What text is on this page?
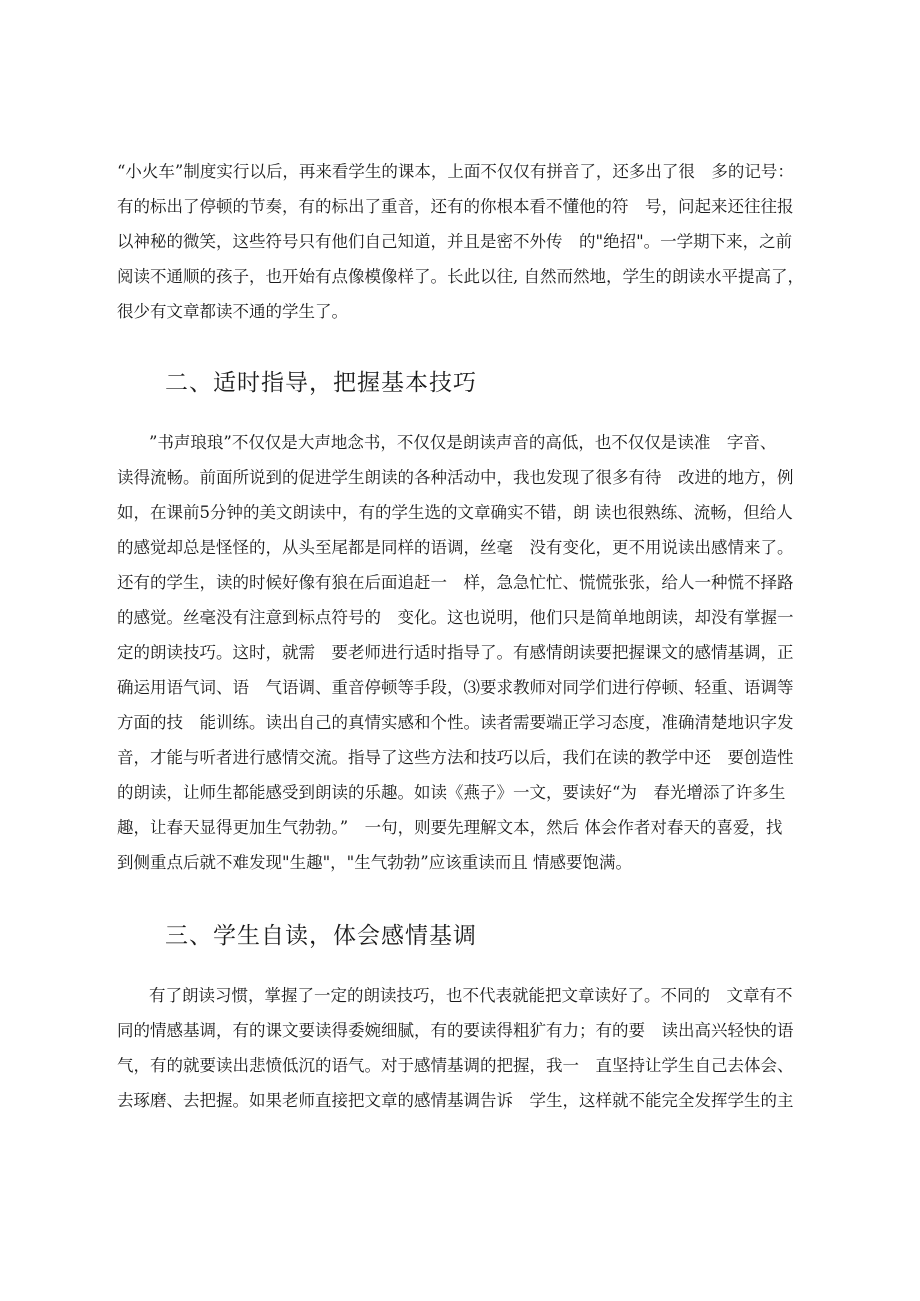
“小火车”制度实行以后，再来看学生的课本，上面不仅仅有拼音了，还多出了很　多的记号：
有的标出了停顿的节奏，有的标出了重音，还有的你根本看不懂他的符　号，问起来还往往报
以神秘的微笑，这些符号只有他们自己知道，并且是密不外传　的"绝招"。一学期下来，之前
阅读不通顺的孩子，也开始有点像模像样了。长此以往, 自然而然地，学生的朗读水平提高了，
很少有文章都读不通的学生了。
二、适时指导，把握基本技巧
”书声琅琅”不仅仅是大声地念书，不仅仅是朗读声音的高低，也不仅仅是读准　字音、
读得流畅。前面所说到的促进学生朗读的各种活动中，我也发现了很多有待　改进的地方，例
如，在课前5分钟的美文朗读中，有的学生选的文章确实不错，朗 读也很熟练、流畅，但给人
的感觉却总是怪怪的，从头至尾都是同样的语调，丝毫　没有变化，更不用说读出感情来了。
还有的学生，读的时候好像有狼在后面追赶一　样，急急忙忙、慌慌张张，给人一种慌不择路
的感觉。丝毫没有注意到标点符号的　变化。这也说明，他们只是简单地朗读，却没有掌握一
定的朗读技巧。这时，就需　要老师进行适时指导了。有感情朗读要把握课文的感情基调，正
确运用语气词、语　气语调、重音停顿等手段，⑶要求教师对同学们进行停顿、轻重、语调等
方面的技　能训练。读出自己的真情实感和个性。读者需要端正学习态度，准确清楚地识字发
音，才能与听者进行感情交流。指导了这些方法和技巧以后，我们在读的教学中还　要创造性
的朗读，让师生都能感受到朗读的乐趣。如读《燕子》一文，要读好“为　春光增添了许多生
趣，让春天显得更加生气勃勃。”　一句，则要先理解文本，然后 体会作者对春天的喜爱，找
到侧重点后就不难发现"生趣"，"生气勃勃”应该重读而且 情感要饱满。
三、学生自读，体会感情基调
有了朗读习惯，掌握了一定的朗读技巧，也不代表就能把文章读好了。不同的　文章有不
同的情感基调，有的课文要读得委婉细腻，有的要读得粗犷有力；有的要　读出高兴轻快的语
气，有的就要读出悲愤低沉的语气。对于感情基调的把握，我一　直坚持让学生自己去体会、
去琢磨、去把握。如果老师直接把文章的感情基调告诉　学生，这样就不能完全发挥学生的主
